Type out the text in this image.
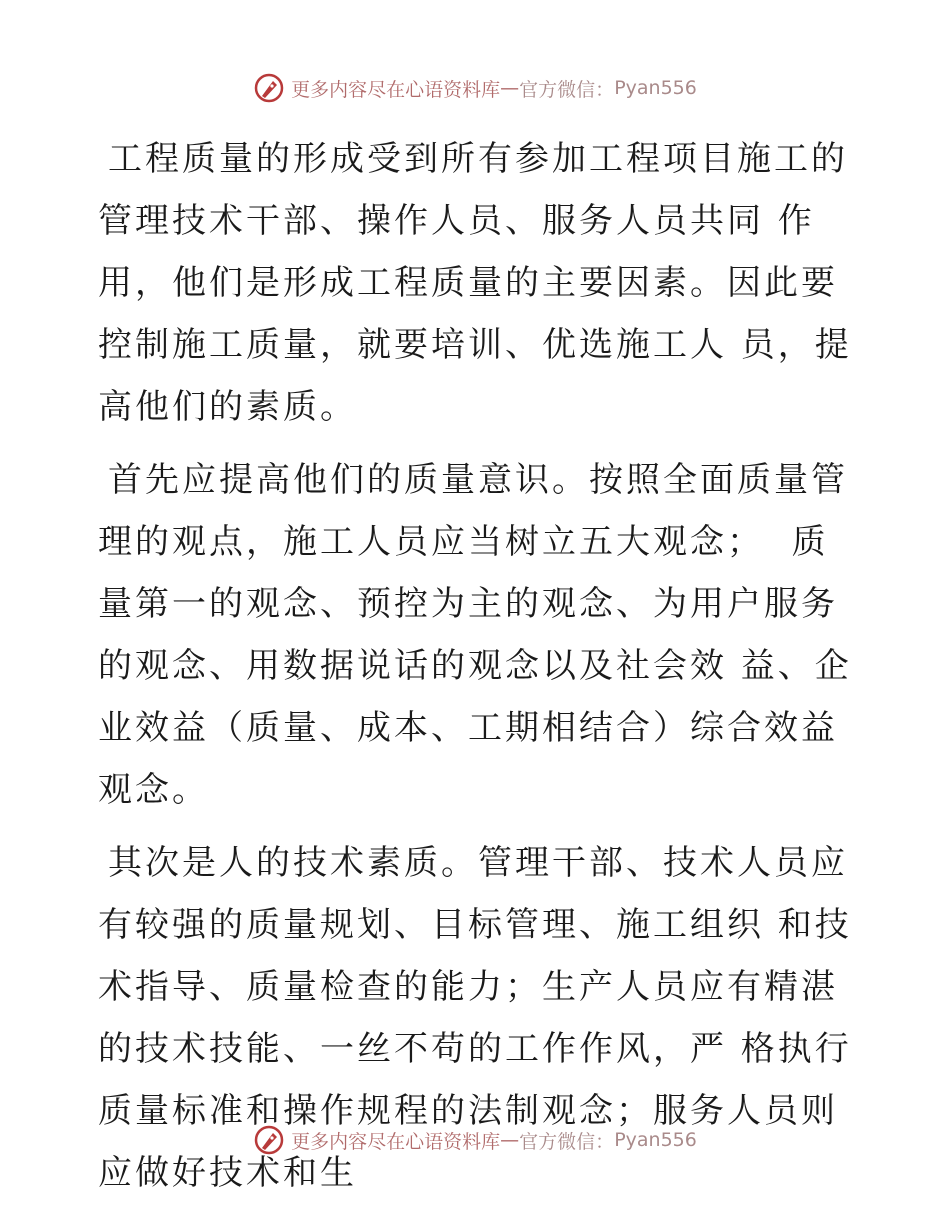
更多内容尽在心语资料库 — 官方微信： Pyan556

工程质量的形成受到所有参加工程项目施工的管理技术干部、操作人员、服务人员共同 作用，他们是形成工程质量的主要因素。因此要控制施工质量，就要培训、优选施工人 员，提高他们的素质。

首先应提高他们的质量意识。按照全面质量管理的观点，施工人员应当树立五大观念；  质量第一的观念、预控为主的观念、为用户服务的观念、用数据说话的观念以及社会效 益、企业效益（质量、成本、工期相结合）综合效益观念。

其次是人的技术素质。管理干部、技术人员应有较强的质量规划、目标管理、施工组织 和技术指导、质量检查的能力；生产人员应有精湛的技术技能、一丝不苟的工作作风，严 格执行质量标准和操作规程的法制观念；服务人员则应做好技术和生

更多内容尽在心语资料库 — 官方微信： Pyan556
